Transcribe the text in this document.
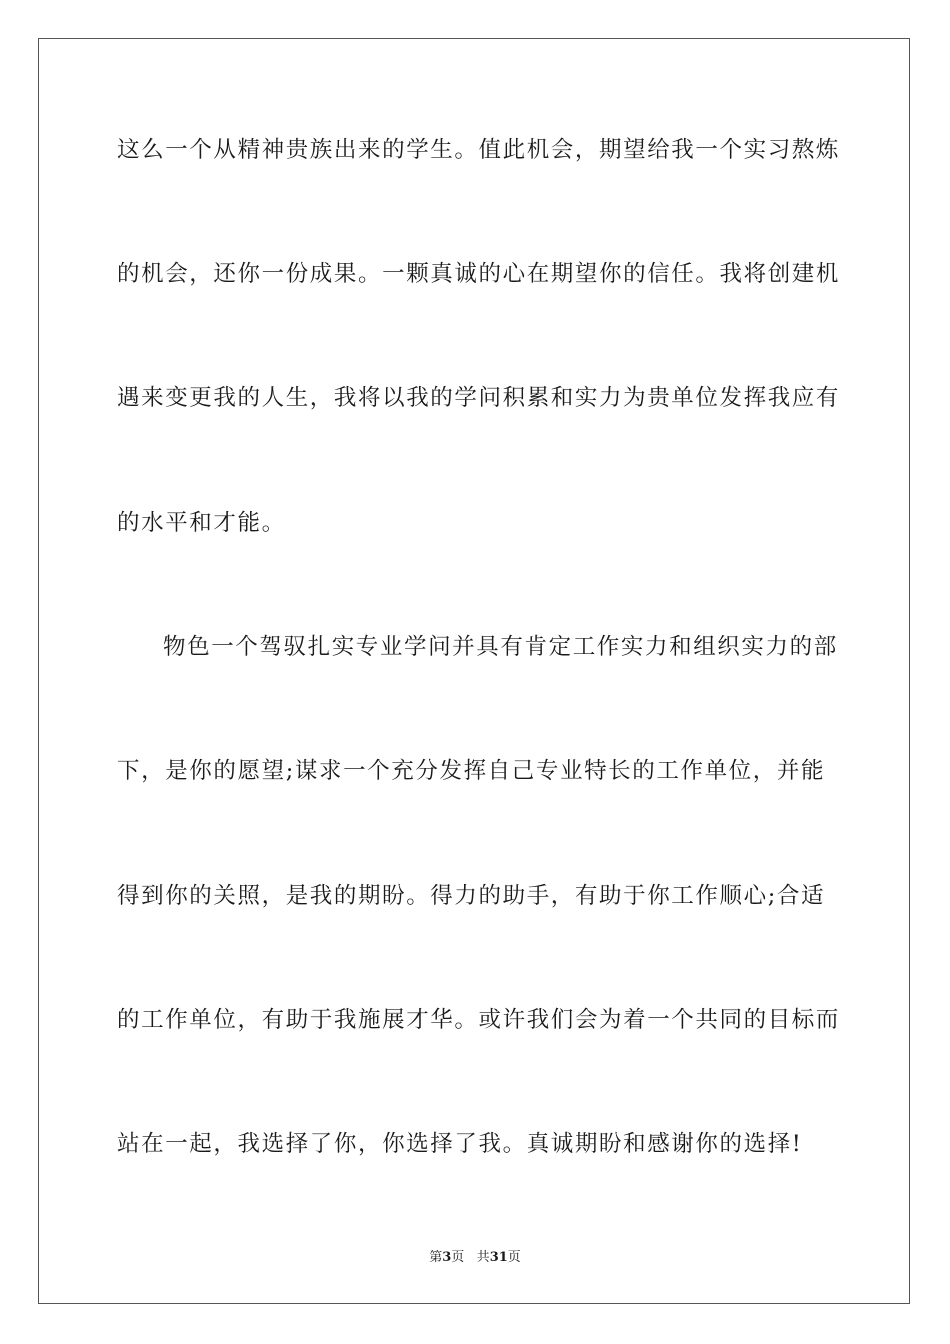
这么一个从精神贵族出来的学生。值此机会，期望给我一个实习熬炼
的机会，还你一份成果。一颗真诚的心在期望你的信任。我将创建机
遇来变更我的人生，我将以我的学问积累和实力为贵单位发挥我应有
的水平和才能。
物色一个驾驭扎实专业学问并具有肯定工作实力和组织实力的部
下，是你的愿望;谋求一个充分发挥自己专业特长的工作单位，并能
得到你的关照，是我的期盼。得力的助手，有助于你工作顺心;合适
的工作单位，有助于我施展才华。或许我们会为着一个共同的目标而
站在一起，我选择了你，你选择了我。真诚期盼和感谢你的选择!
第3页 共31页
